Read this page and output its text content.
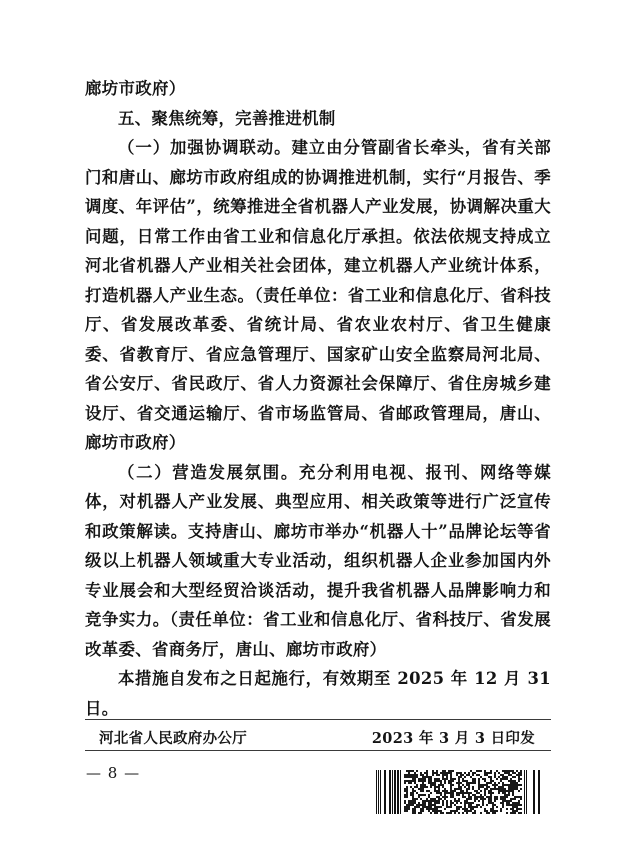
廊坊市政府）

五、聚焦统筹，完善推进机制

（一）加强协调联动。建立由分管副省长牵头，省有关部门和唐山、廊坊市政府组成的协调推进机制，实行“月报告、季调度、年评估”，统筹推进全省机器人产业发展，协调解决重大问题，日常工作由省工业和信息化厅承担。依法依规支持成立河北省机器人产业相关社会团体，建立机器人产业统计体系，打造机器人产业生态。（责任单位：省工业和信息化厅、省科技厅、省发展改革委、省统计局、省农业农村厅、省卫生健康委、省教育厅、省应急管理厅、国家矿山安全监察局河北局、省公安厅、省民政厅、省人力资源社会保障厅、省住房城乡建设厅、省交通运输厅、省市场监管局、省邮政管理局，唐山、廊坊市政府）

（二）营造发展氛围。充分利用电视、报刊、网络等媒体，对机器人产业发展、典型应用、相关政策等进行广泛宣传和政策解读。支持唐山、廊坊市举办“机器人十”品牌论坛等省级以上机器人领域重大专业活动，组织机器人企业参加国内外专业展会和大型经贸洽谈活动，提升我省机器人品牌影响力和竞争实力。（责任单位：省工业和信息化厅、省科技厅、省发展改革委、省商务厅，唐山、廊坊市政府）

本措施自发布之日起施行，有效期至 2025 年 12 月 31 日。

河北省人民政府办公厅	2023 年 3 月 3 日印发
— 8 —
